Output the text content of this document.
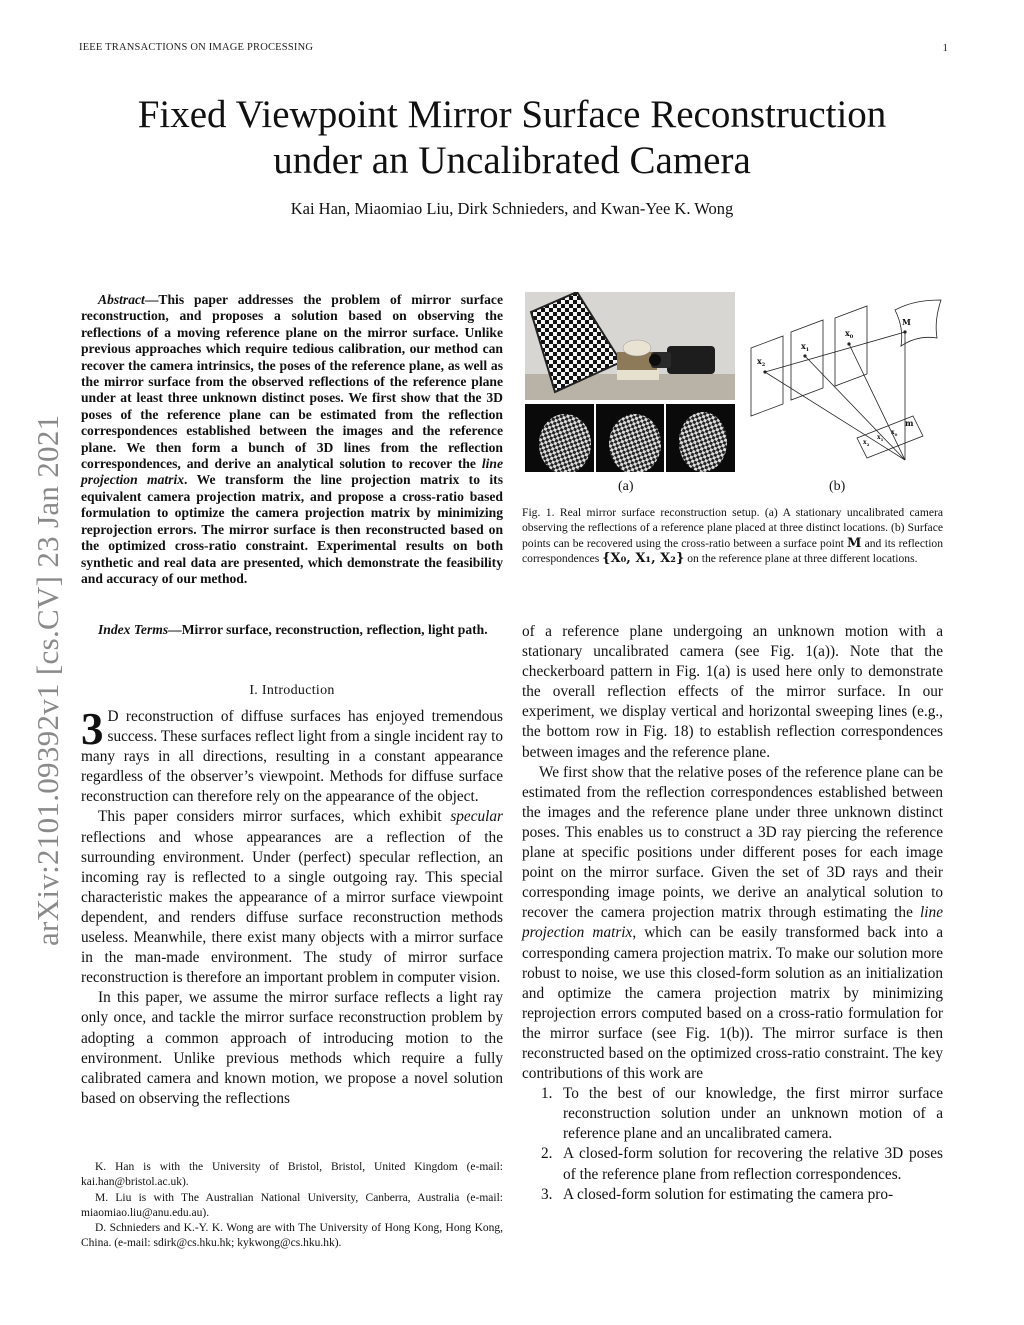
IEEE TRANSACTIONS ON IMAGE PROCESSING	1
Fixed Viewpoint Mirror Surface Reconstruction
under an Uncalibrated Camera
Kai Han, Miaomiao Liu, Dirk Schnieders, and Kwan-Yee K. Wong
arXiv:2101.09392v1 [cs.CV] 23 Jan 2021
Abstract—This paper addresses the problem of mirror surface reconstruction, and proposes a solution based on observing the reflections of a moving reference plane on the mirror surface. Unlike previous approaches which require tedious calibration, our method can recover the camera intrinsics, the poses of the reference plane, as well as the mirror surface from the observed reflections of the reference plane under at least three unknown distinct poses. We first show that the 3D poses of the reference plane can be estimated from the reflection correspondences established between the images and the reference plane. We then form a bunch of 3D lines from the reflection correspondences, and derive an analytical solution to recover the line projection matrix. We transform the line projection matrix to its equivalent camera projection matrix, and propose a cross-ratio based formulation to optimize the camera projection matrix by minimizing reprojection errors. The mirror surface is then reconstructed based on the optimized cross-ratio constraint. Experimental results on both synthetic and real data are presented, which demonstrate the feasibility and accuracy of our method.
Index Terms—Mirror surface, reconstruction, reflection, light path.
I. Introduction

3 D reconstruction of diffuse surfaces has enjoyed tremendous success. These surfaces reflect light from a single incident ray to many rays in all directions, resulting in a constant appearance regardless of the observer’s viewpoint. Methods for diffuse surface reconstruction can therefore rely on the appearance of the object.

This paper considers mirror surfaces, which exhibit specular reflections and whose appearances are a reflection of the surrounding environment. Under (perfect) specular reflection, an incoming ray is reflected to a single outgoing ray. This special characteristic makes the appearance of a mirror surface viewpoint dependent, and renders diffuse surface reconstruction methods useless. Meanwhile, there exist many objects with a mirror surface in the man-made environment. The study of mirror surface reconstruction is therefore an important problem in computer vision.

In this paper, we assume the mirror surface reflects a light ray only once, and tackle the mirror surface reconstruction problem by adopting a common approach of introducing motion to the environment. Unlike previous methods which require a fully calibrated camera and known motion, we propose a novel solution based on observing the reflections

K. Han is with the University of Bristol, Bristol, United Kingdom (e-mail: kai.han@bristol.ac.uk).

M. Liu is with The Australian National University, Canberra, Australia (e-mail: miaomiao.liu@anu.edu.au).

D. Schnieders and K.-Y. K. Wong are with The University of Hong Kong, Hong Kong, China. (e-mail: sdirk@cs.hku.hk; kykwong@cs.hku.hk).

$x_2$
$x_1$
$x_0$
M
m
$x_2$
$x_1$
$x_0$
(a)	(b)
Fig. 1. Real mirror surface reconstruction setup. (a) A stationary uncalibrated camera observing the reflections of a reference plane placed at three distinct locations. (b) Surface points can be recovered using the cross-ratio between a surface point M and its reflection correspondences {X₀, X₁, X₂} on the reference plane at three different locations.

of a reference plane undergoing an unknown motion with a stationary uncalibrated camera (see Fig. 1(a)). Note that the checkerboard pattern in Fig. 1(a) is used here only to demonstrate the overall reflection effects of the mirror surface. In our experiment, we display vertical and horizontal sweeping lines (e.g., the bottom row in Fig. 18) to establish reflection correspondences between images and the reference plane.

We first show that the relative poses of the reference plane can be estimated from the reflection correspondences established between the images and the reference plane under three unknown distinct poses. This enables us to construct a 3D ray piercing the reference plane at specific positions under different poses for each image point on the mirror surface. Given the set of 3D rays and their corresponding image points, we derive an analytical solution to recover the camera projection matrix through estimating the line projection matrix, which can be easily transformed back into a corresponding camera projection matrix. To make our solution more robust to noise, we use this closed-form solution as an initialization and optimize the camera projection matrix by minimizing reprojection errors computed based on a cross-ratio formulation for the mirror surface (see Fig. 1(b)). The mirror surface is then reconstructed based on the optimized cross-ratio constraint. The key contributions of this work are

1. To the best of our knowledge, the first mirror surface reconstruction solution under an unknown motion of a reference plane and an uncalibrated camera.
2. A closed-form solution for recovering the relative 3D poses of the reference plane from reflection correspondences.
3. A closed-form solution for estimating the camera pro-
